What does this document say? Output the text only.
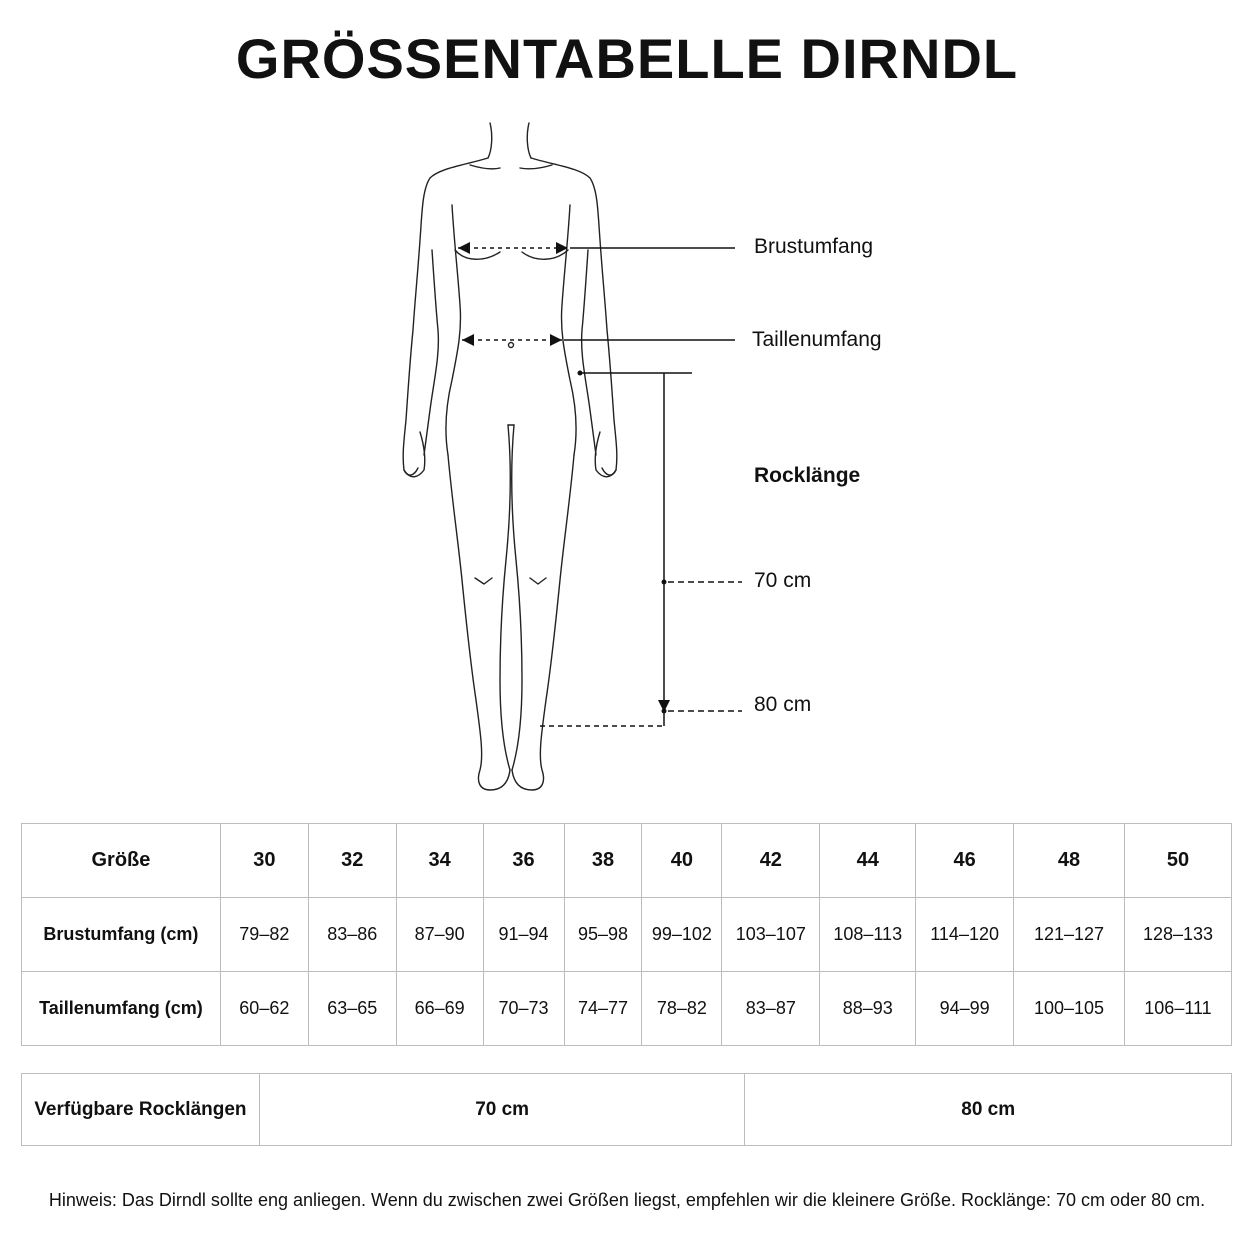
GRÖSSENTABELLE DIRNDL
Brustumfang
Taillenumfang
Rocklänge
70 cm
80 cm
Größe	30	32	34	36	38	40	42	44	46	48	50
Brustumfang (cm)	79–82	83–86	87–90	91–94	95–98	99–102	103–107	108–113	114–120	121–127	128–133
Taillenumfang (cm)	60–62	63–65	66–69	70–73	74–77	78–82	83–87	88–93	94–99	100–105	106–111
Verfügbare Rocklängen	70 cm	80 cm
Hinweis: Das Dirndl sollte eng anliegen. Wenn du zwischen zwei Größen liegst, empfehlen wir die kleinere Größe. Rocklänge: 70 cm oder 80 cm.
